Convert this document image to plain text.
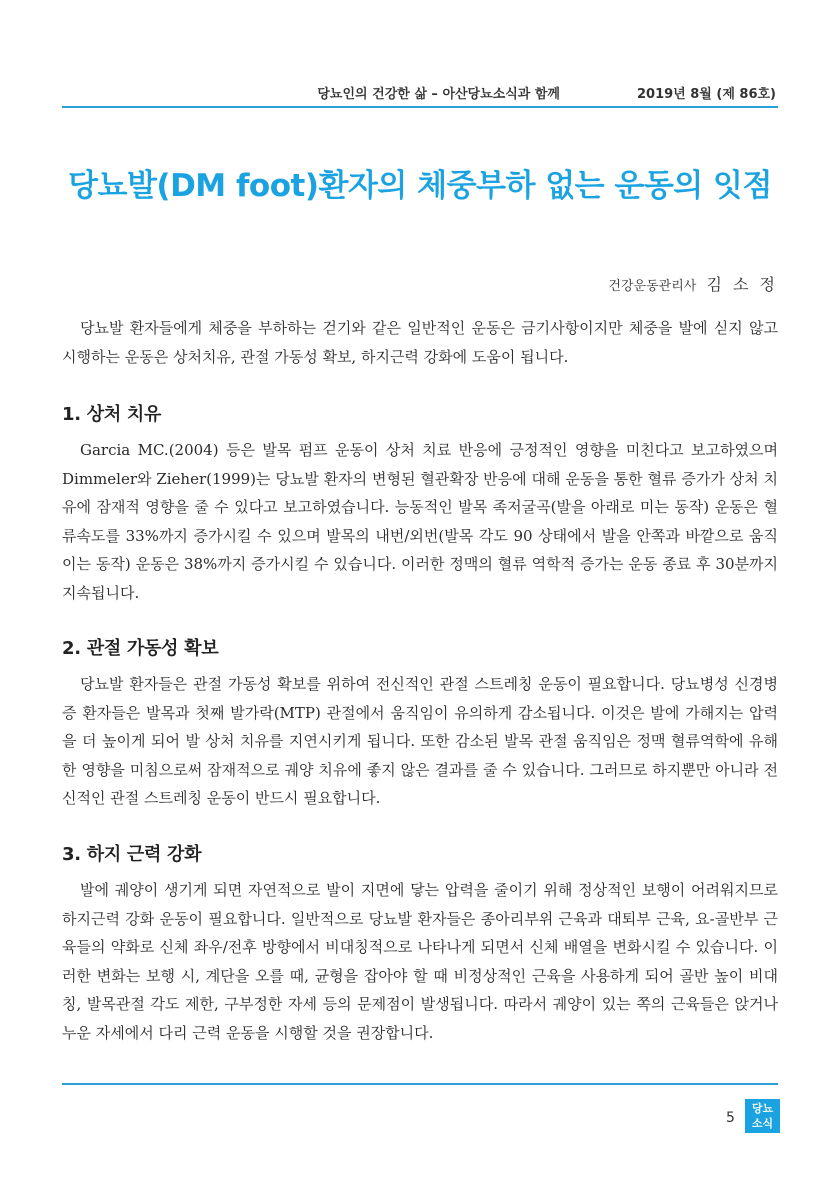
당뇨인의 건강한 삶 – 아산당뇨소식과 함께	2019년 8월 (제 86호)
당뇨발(DM foot)환자의 체중부하 없는 운동의 잇점
건강운동관리사 김 소 정

당뇨발 환자들에게 체중을 부하하는 걷기와 같은 일반적인 운동은 금기사항이지만 체중을 발에 싣지 않고 시행하는 운동은 상처치유, 관절 가동성 확보, 하지근력 강화에 도움이 됩니다.

1. 상처 치유

Garcia MC.(2004) 등은 발목 펌프 운동이 상처 치료 반응에 긍정적인 영향을 미친다고 보고하였으며 Dimmeler와 Zieher(1999)는 당뇨발 환자의 변형된 혈관확장 반응에 대해 운동을 통한 혈류 증가가 상처 치유에 잠재적 영향을 줄 수 있다고 보고하였습니다. 능동적인 발목 족저굴곡(발을 아래로 미는 동작) 운동은 혈류속도를 33%까지 증가시킬 수 있으며 발목의 내번/외번(발목 각도 90 상태에서 발을 안쪽과 바깥으로 움직이는 동작) 운동은 38%까지 증가시킬 수 있습니다. 이러한 정맥의 혈류 역학적 증가는 운동 종료 후 30분까지 지속됩니다.

2. 관절 가동성 확보

당뇨발 환자들은 관절 가동성 확보를 위하여 전신적인 관절 스트레칭 운동이 필요합니다. 당뇨병성 신경병증 환자들은 발목과 첫째 발가락(MTP) 관절에서 움직임이 유의하게 감소됩니다. 이것은 발에 가해지는 압력을 더 높이게 되어 발 상처 치유를 지연시키게 됩니다. 또한 감소된 발목 관절 움직임은 정맥 혈류역학에 유해한 영향을 미침으로써 잠재적으로 궤양 치유에 좋지 않은 결과를 줄 수 있습니다. 그러므로 하지뿐만 아니라 전신적인 관절 스트레칭 운동이 반드시 필요합니다.

3. 하지 근력 강화

발에 궤양이 생기게 되면 자연적으로 발이 지면에 닿는 압력을 줄이기 위해 정상적인 보행이 어려워지므로 하지근력 강화 운동이 필요합니다. 일반적으로 당뇨발 환자들은 종아리부위 근육과 대퇴부 근육, 요-골반부 근육들의 약화로 신체 좌우/전후 방향에서 비대칭적으로 나타나게 되면서 신체 배열을 변화시킬 수 있습니다. 이러한 변화는 보행 시, 계단을 오를 때, 균형을 잡아야 할 때 비정상적인 근육을 사용하게 되어 골반 높이 비대칭, 발목관절 각도 제한, 구부정한 자세 등의 문제점이 발생됩니다. 따라서 궤양이 있는 쪽의 근육들은 앉거나 누운 자세에서 다리 근력 운동을 시행할 것을 권장합니다.

5
당뇨
소식
